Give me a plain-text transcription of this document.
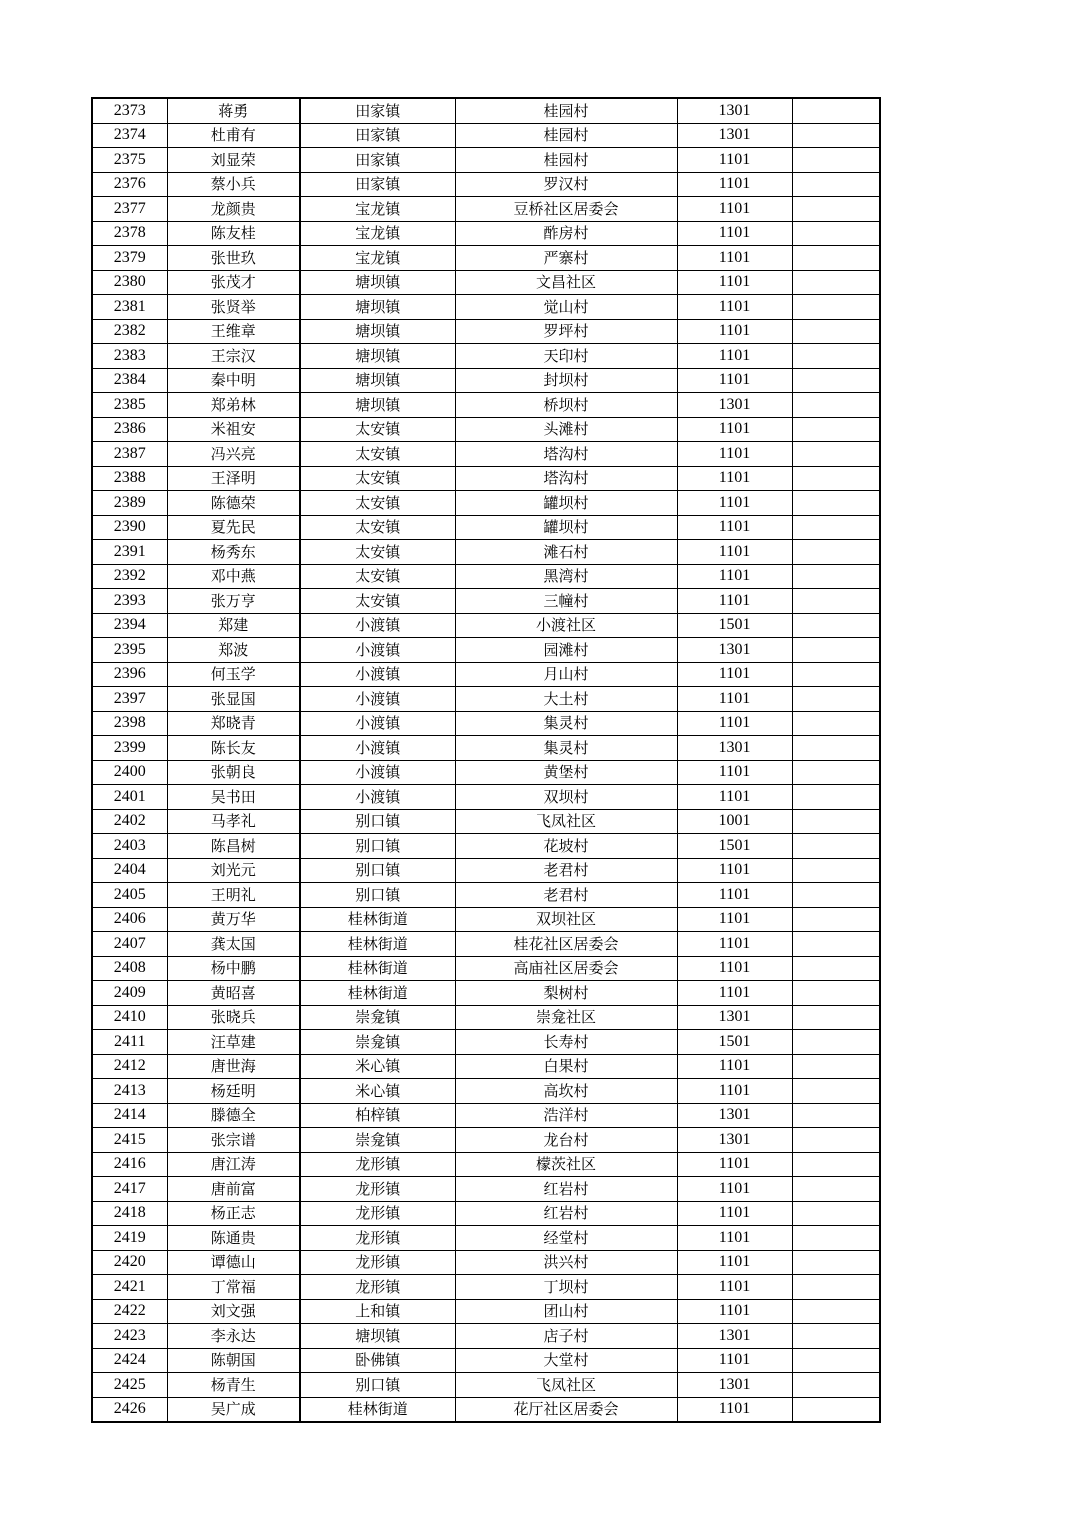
2373	蒋勇	田家镇	桂园村	1301	
2374	杜甫有	田家镇	桂园村	1301	
2375	刘显荣	田家镇	桂园村	1101	
2376	蔡小兵	田家镇	罗汉村	1101	
2377	龙颜贵	宝龙镇	豆桥社区居委会	1101	
2378	陈友桂	宝龙镇	酢房村	1101	
2379	张世玖	宝龙镇	严寨村	1101	
2380	张茂才	塘坝镇	文昌社区	1101	
2381	张贤举	塘坝镇	觉山村	1101	
2382	王维章	塘坝镇	罗坪村	1101	
2383	王宗汉	塘坝镇	天印村	1101	
2384	秦中明	塘坝镇	封坝村	1101	
2385	郑弟林	塘坝镇	桥坝村	1301	
2386	米祖安	太安镇	头滩村	1101	
2387	冯兴亮	太安镇	塔沟村	1101	
2388	王泽明	太安镇	塔沟村	1101	
2389	陈德荣	太安镇	罐坝村	1101	
2390	夏先民	太安镇	罐坝村	1101	
2391	杨秀东	太安镇	滩石村	1101	
2392	邓中燕	太安镇	黑湾村	1101	
2393	张万亨	太安镇	三幢村	1101	
2394	郑建	小渡镇	小渡社区	1501	
2395	郑波	小渡镇	园滩村	1301	
2396	何玉学	小渡镇	月山村	1101	
2397	张显国	小渡镇	大土村	1101	
2398	郑晓青	小渡镇	集灵村	1101	
2399	陈长友	小渡镇	集灵村	1301	
2400	张朝良	小渡镇	黄堡村	1101	
2401	吴书田	小渡镇	双坝村	1101	
2402	马孝礼	别口镇	飞凤社区	1001	
2403	陈昌树	别口镇	花坡村	1501	
2404	刘光元	别口镇	老君村	1101	
2405	王明礼	别口镇	老君村	1101	
2406	黄万华	桂林街道	双坝社区	1101	
2407	龚太国	桂林街道	桂花社区居委会	1101	
2408	杨中鹏	桂林街道	高庙社区居委会	1101	
2409	黄昭喜	桂林街道	梨树村	1101	
2410	张晓兵	崇龛镇	崇龛社区	1301	
2411	汪草建	崇龛镇	长寿村	1501	
2412	唐世海	米心镇	白果村	1101	
2413	杨廷明	米心镇	高坎村	1101	
2414	滕德全	柏梓镇	浩洋村	1301	
2415	张宗谱	崇龛镇	龙台村	1301	
2416	唐江涛	龙形镇	檬茨社区	1101	
2417	唐前富	龙形镇	红岩村	1101	
2418	杨正志	龙形镇	红岩村	1101	
2419	陈通贵	龙形镇	经堂村	1101	
2420	谭德山	龙形镇	洪兴村	1101	
2421	丁常福	龙形镇	丁坝村	1101	
2422	刘文强	上和镇	团山村	1101	
2423	李永达	塘坝镇	店子村	1301	
2424	陈朝国	卧佛镇	大堂村	1101	
2425	杨青生	别口镇	飞凤社区	1301	
2426	吴广成	桂林街道	花厅社区居委会	1101	
